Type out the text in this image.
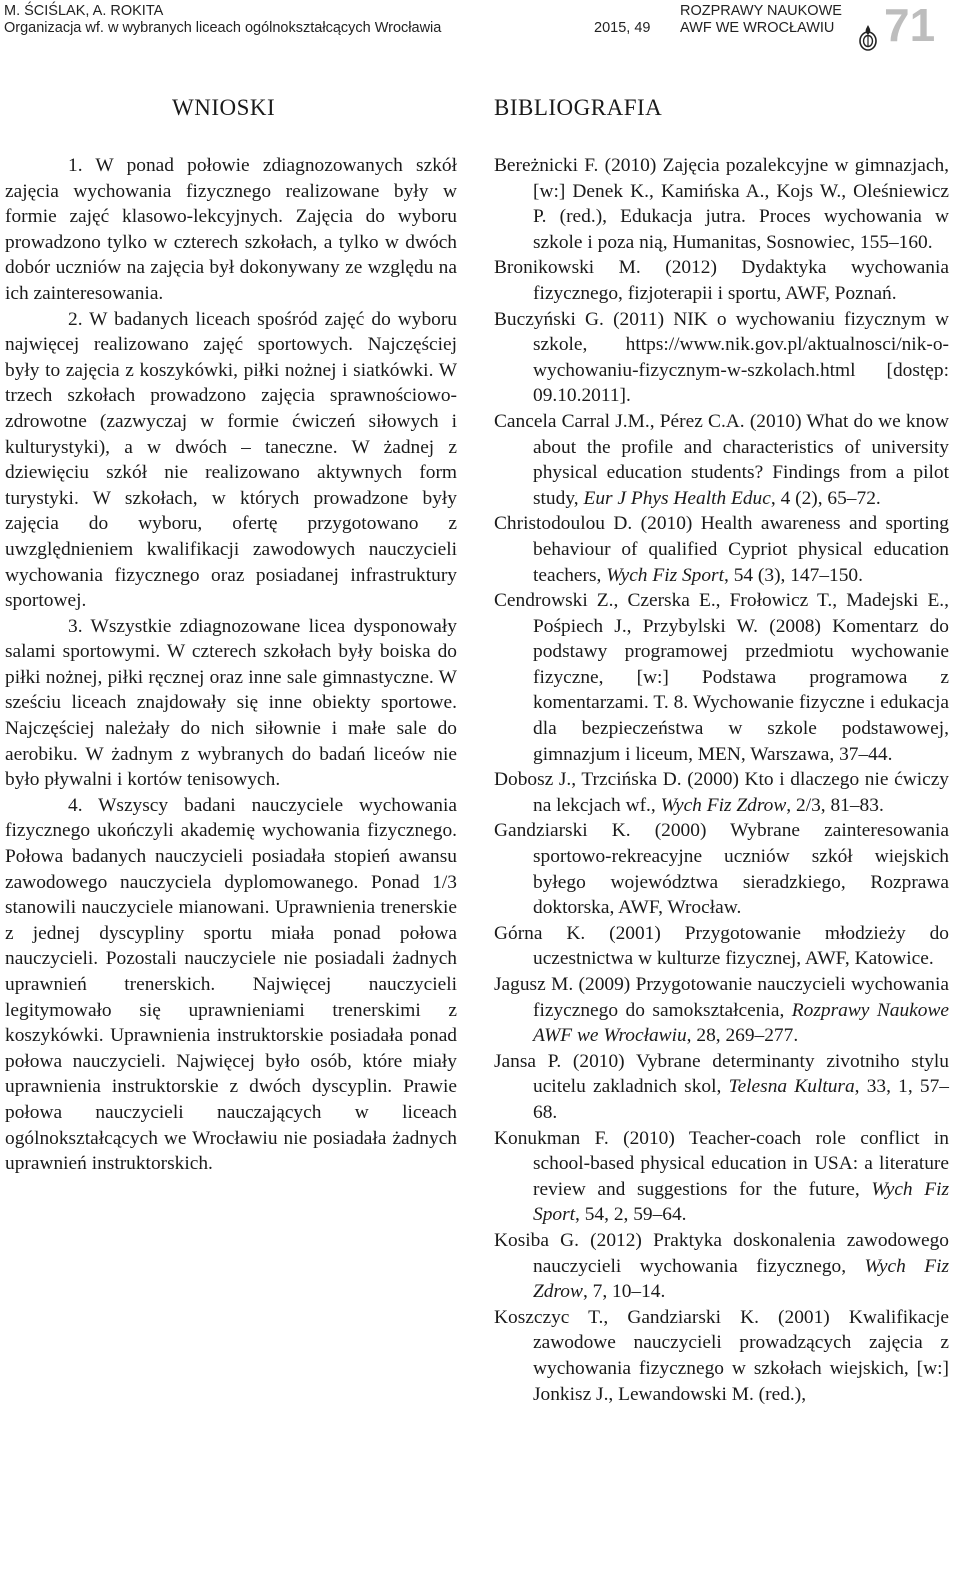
M. ŚCIŚLAK, A. ROKITA
Organizacja wf. w wybranych liceach ogólnokształcących Wrocławia	2015, 49
ROZPRAWY NAUKOWE
AWF WE WROCŁAWIU 71
WNIOSKI

1. W ponad połowie zdiagnozowanych szkół zajęcia wychowania fizycznego realizowane były w formie zajęć klasowo-lekcyjnych. Zajęcia do wyboru prowadzono tylko w czterech szkołach, a tylko w dwóch dobór uczniów na zajęcia był dokonywany ze względu na ich zainteresowania.

2. W badanych liceach spośród zajęć do wyboru najwięcej realizowano zajęć sportowych. Najczęściej były to zajęcia z koszykówki, piłki nożnej i siatkówki. W trzech szkołach prowadzono zajęcia sprawnościowo-zdrowotne (zazwyczaj w formie ćwiczeń siłowych i kulturystyki), a w dwóch – taneczne. W żadnej z dziewięciu szkół nie realizowano aktywnych form turystyki. W szkołach, w których prowadzone były zajęcia do wyboru, ofertę przygotowano z uwzględnieniem kwalifikacji zawodowych nauczycieli wychowania fizycznego oraz posiadanej infrastruktury sportowej.

3. Wszystkie zdiagnozowane licea dysponowały salami sportowymi. W czterech szkołach były boiska do piłki nożnej, piłki ręcznej oraz inne sale gimnastyczne. W sześciu liceach znajdowały się inne obiekty sportowe. Najczęściej należały do nich siłownie i małe sale do aerobiku. W żadnym z wybranych do badań liceów nie było pływalni i kortów tenisowych.

4. Wszyscy badani nauczyciele wychowania fizycznego ukończyli akademię wychowania fizycznego. Połowa badanych nauczycieli posiadała stopień awansu zawodowego nauczyciela dyplomowanego. Ponad 1/3 stanowili nauczyciele mianowani. Uprawnienia trenerskie z jednej dyscypliny sportu miała ponad połowa nauczycieli. Pozostali nauczyciele nie posiadali żadnych uprawnień trenerskich. Najwięcej nauczycieli legitymowało się uprawnieniami trenerskimi z koszykówki. Uprawnienia instruktorskie posiadała ponad połowa nauczycieli. Najwięcej było osób, które miały uprawnienia instruktorskie z dwóch dyscyplin. Prawie połowa nauczycieli nauczających w liceach ogólnokształcących we Wrocławiu nie posiadała żadnych uprawnień instruktorskich.

BIBLIOGRAFIA

Bereżnicki F. (2010) Zajęcia pozalekcyjne w gimnazjach, [w:] Denek K., Kamińska A., Kojs W., Oleśniewicz P. (red.), Edukacja jutra. Proces wychowania w szkole i poza nią, Humanitas, Sosnowiec, 155–160.

Bronikowski M. (2012) Dydaktyka wychowania fizycznego, fizjoterapii i sportu, AWF, Poznań.

Buczyński G. (2011) NIK o wychowaniu fizycznym w szkole, https://www.nik.gov.pl/aktualnosci/nik-o-wychowaniu-fizycznym-w-szkolach.html [dostęp: 09.10.2011].

Cancela Carral J.M., Pérez C.A. (2010) What do we know about the profile and characteristics of university physical education students? Findings from a pilot study, Eur J Phys Health Educ, 4 (2), 65–72.

Christodoulou D. (2010) Health awareness and sporting behaviour of qualified Cypriot physical education teachers, Wych Fiz Sport, 54 (3), 147–150.

Cendrowski Z., Czerska E., Frołowicz T., Madejski E., Pośpiech J., Przybylski W. (2008) Komentarz do podstawy programowej przedmiotu wychowanie fizyczne, [w:] Podstawa programowa z komentarzami. T. 8. Wychowanie fizyczne i edukacja dla bezpieczeństwa w szkole podstawowej, gimnazjum i liceum, MEN, Warszawa, 37–44.

Dobosz J., Trzcińska D. (2000) Kto i dlaczego nie ćwiczy na lekcjach wf., Wych Fiz Zdrow, 2/3, 81–83.

Gandziarski K. (2000) Wybrane zainteresowania sportowo-rekreacyjne uczniów szkół wiejskich byłego województwa sieradzkiego, Rozprawa doktorska, AWF, Wrocław.

Górna K. (2001) Przygotowanie młodzieży do uczestnictwa w kulturze fizycznej, AWF, Katowice.

Jagusz M. (2009) Przygotowanie nauczycieli wychowania fizycznego do samokształcenia, Rozprawy Naukowe AWF we Wrocławiu, 28, 269–277.

Jansa P. (2010) Vybrane determinanty zivotniho stylu ucitelu zakladnich skol, Telesna Kultura, 33, 1, 57–68.

Konukman F. (2010) Teacher-coach role conflict in school-based physical education in USA: a literature review and suggestions for the future, Wych Fiz Sport, 54, 2, 59–64.

Kosiba G. (2012) Praktyka doskonalenia zawodowego nauczycieli wychowania fizycznego, Wych Fiz Zdrow, 7, 10–14.

Koszczyc T., Gandziarski K. (2001) Kwalifikacje zawodowe nauczycieli prowadzących zajęcia z wychowania fizycznego w szkołach wiejskich, [w:] Jonkisz J., Lewandowski M. (red.),
